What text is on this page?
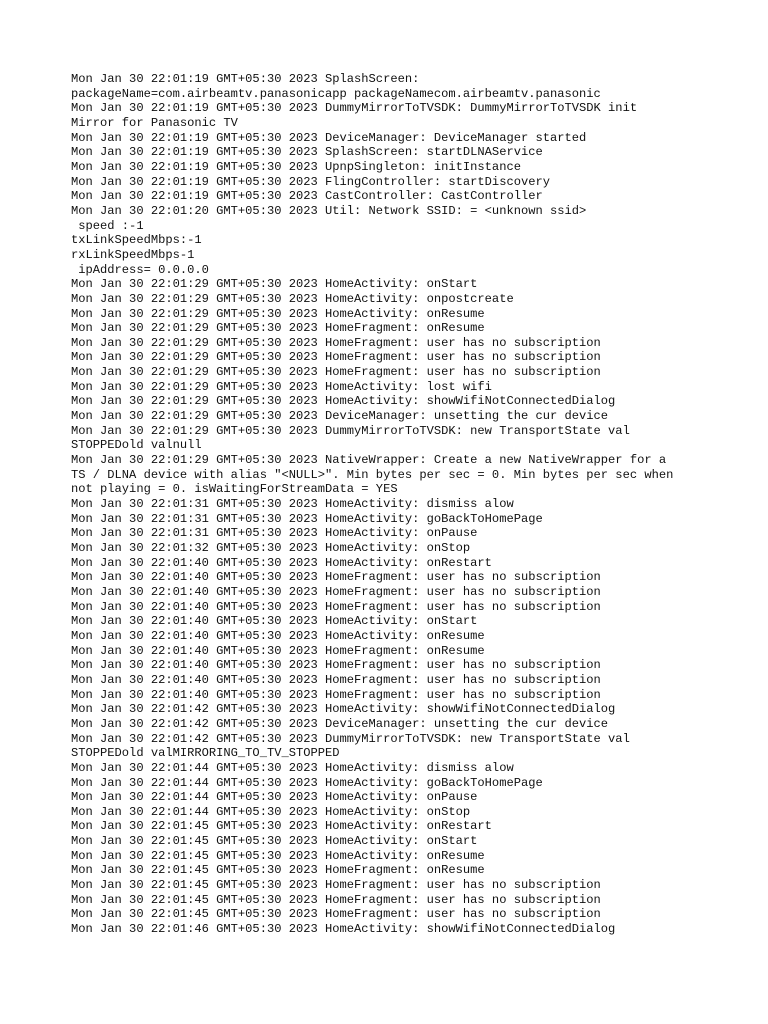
Mon Jan 30 22:01:19 GMT+05:30 2023 SplashScreen:

packageName=com.airbeamtv.panasonicapp packageNamecom.airbeamtv.panasonic

Mon Jan 30 22:01:19 GMT+05:30 2023 DummyMirrorToTVSDK: DummyMirrorToTVSDK init

Mirror for Panasonic TV

Mon Jan 30 22:01:19 GMT+05:30 2023 DeviceManager: DeviceManager started

Mon Jan 30 22:01:19 GMT+05:30 2023 SplashScreen: startDLNAService

Mon Jan 30 22:01:19 GMT+05:30 2023 UpnpSingleton: initInstance

Mon Jan 30 22:01:19 GMT+05:30 2023 FlingController: startDiscovery

Mon Jan 30 22:01:19 GMT+05:30 2023 CastController: CastController

Mon Jan 30 22:01:20 GMT+05:30 2023 Util: Network SSID: = <unknown ssid>

speed :-1

txLinkSpeedMbps:-1

rxLinkSpeedMbps-1

ipAddress= 0.0.0.0

Mon Jan 30 22:01:29 GMT+05:30 2023 HomeActivity: onStart

Mon Jan 30 22:01:29 GMT+05:30 2023 HomeActivity: onpostcreate

Mon Jan 30 22:01:29 GMT+05:30 2023 HomeActivity: onResume

Mon Jan 30 22:01:29 GMT+05:30 2023 HomeFragment: onResume

Mon Jan 30 22:01:29 GMT+05:30 2023 HomeFragment: user has no subscription

Mon Jan 30 22:01:29 GMT+05:30 2023 HomeFragment: user has no subscription

Mon Jan 30 22:01:29 GMT+05:30 2023 HomeFragment: user has no subscription

Mon Jan 30 22:01:29 GMT+05:30 2023 HomeActivity: lost wifi

Mon Jan 30 22:01:29 GMT+05:30 2023 HomeActivity: showWifiNotConnectedDialog

Mon Jan 30 22:01:29 GMT+05:30 2023 DeviceManager: unsetting the cur device

Mon Jan 30 22:01:29 GMT+05:30 2023 DummyMirrorToTVSDK: new TransportState val

STOPPEDold valnull

Mon Jan 30 22:01:29 GMT+05:30 2023 NativeWrapper: Create a new NativeWrapper for a

TS / DLNA device with alias "<NULL>". Min bytes per sec = 0. Min bytes per sec when

not playing = 0. isWaitingForStreamData = YES

Mon Jan 30 22:01:31 GMT+05:30 2023 HomeActivity: dismiss alow

Mon Jan 30 22:01:31 GMT+05:30 2023 HomeActivity: goBackToHomePage

Mon Jan 30 22:01:31 GMT+05:30 2023 HomeActivity: onPause

Mon Jan 30 22:01:32 GMT+05:30 2023 HomeActivity: onStop

Mon Jan 30 22:01:40 GMT+05:30 2023 HomeActivity: onRestart

Mon Jan 30 22:01:40 GMT+05:30 2023 HomeFragment: user has no subscription

Mon Jan 30 22:01:40 GMT+05:30 2023 HomeFragment: user has no subscription

Mon Jan 30 22:01:40 GMT+05:30 2023 HomeFragment: user has no subscription

Mon Jan 30 22:01:40 GMT+05:30 2023 HomeActivity: onStart

Mon Jan 30 22:01:40 GMT+05:30 2023 HomeActivity: onResume

Mon Jan 30 22:01:40 GMT+05:30 2023 HomeFragment: onResume

Mon Jan 30 22:01:40 GMT+05:30 2023 HomeFragment: user has no subscription

Mon Jan 30 22:01:40 GMT+05:30 2023 HomeFragment: user has no subscription

Mon Jan 30 22:01:40 GMT+05:30 2023 HomeFragment: user has no subscription

Mon Jan 30 22:01:42 GMT+05:30 2023 HomeActivity: showWifiNotConnectedDialog

Mon Jan 30 22:01:42 GMT+05:30 2023 DeviceManager: unsetting the cur device

Mon Jan 30 22:01:42 GMT+05:30 2023 DummyMirrorToTVSDK: new TransportState val

STOPPEDold valMIRRORING_TO_TV_STOPPED

Mon Jan 30 22:01:44 GMT+05:30 2023 HomeActivity: dismiss alow

Mon Jan 30 22:01:44 GMT+05:30 2023 HomeActivity: goBackToHomePage

Mon Jan 30 22:01:44 GMT+05:30 2023 HomeActivity: onPause

Mon Jan 30 22:01:44 GMT+05:30 2023 HomeActivity: onStop

Mon Jan 30 22:01:45 GMT+05:30 2023 HomeActivity: onRestart

Mon Jan 30 22:01:45 GMT+05:30 2023 HomeActivity: onStart

Mon Jan 30 22:01:45 GMT+05:30 2023 HomeActivity: onResume

Mon Jan 30 22:01:45 GMT+05:30 2023 HomeFragment: onResume

Mon Jan 30 22:01:45 GMT+05:30 2023 HomeFragment: user has no subscription

Mon Jan 30 22:01:45 GMT+05:30 2023 HomeFragment: user has no subscription

Mon Jan 30 22:01:45 GMT+05:30 2023 HomeFragment: user has no subscription

Mon Jan 30 22:01:46 GMT+05:30 2023 HomeActivity: showWifiNotConnectedDialog
